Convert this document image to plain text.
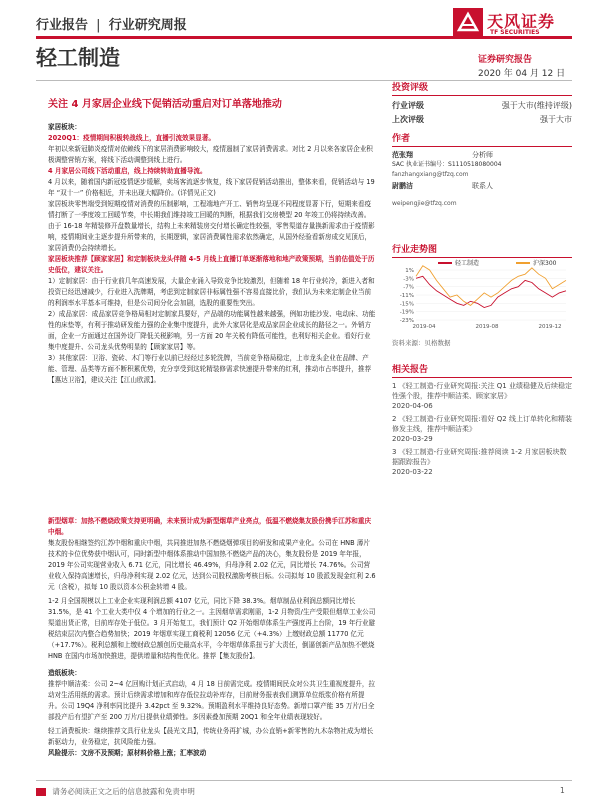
行业报告 | 行业研究周报	天风证券
TF SECURITIES
轻工制造	证券研究报告
2020 年 04 月 12 日
关注 4 月家居企业线下促销活动重启对订单落地推动
投资评级
行业评级	强于大市(维持评级)
上次评级	强于大市
作者
范张翔	分析师
SAC 执业证书编号：S1110518080004
fanzhangxiang@tfzq.com
尉鹏洁	联系人
weipengjie@tfzq.com
行业走势图
1%
-3%
-7%
-11%
-15%
-19%
-23%
2019-04	2019-08	2019-12
轻工制造	沪深300
资料来源：贝格数据
相关报告
1 《轻工制造-行业研究周报:关注 Q1 业绩稳健及后续稳定性强个股，推荐中顺洁柔、顾家家居》
2020-04-06
2 《轻工制造-行业研究周报:看好 Q2 线上订单转化和精装修发主线，推荐中顺洁柔》
2020-03-29
3 《轻工制造-行业研究周报:推荐阅读 1-2 月家居板块数据跟踪报告》
2020-03-22

家居板块：

2020Q1：疫情期间积极转战线上，直播引流效果显著。

年初以来新冠肺炎疫情对依赖线下的家居消费影响较大，疫情遏制了家居消费需求。对比 2 月以来各家居企业积极调整营销方案，将线下活动调整到线上进行。

4 月家居公司线下活动重启，线上持续转助直播导流。

4 月以来，随着国内新冠疫情逐步缓解，卖场客流逐步恢复，线下家居促销活动推出，整体来看，促销活动与 19 年 “双十一” 价格相近，并未出现大幅降价。(详情见正文)

家居板块零售端受到短期疫情对消费的压制影响，工程端地产开工、销售均呈现不同程度显著下行，短期来看疫情打断了一季度竣工回暖节奏，中长期我们维持竣工回暖的判断，根据我们交房模型 20 年竣工仍将持续改善。由于 16-18 年精装修开盘数量增长，结构上未来精装房交付增长确定性较强，零售渠道存量换新需求由于疫情影响，疫情期间业主逐步提升所带来的，长期逻辑，家居消费属性需求依然确定，从国外经验看新房成交见顶后，家居消费仍会持续增长。

家居板块推荐【顾家家居】和定制板块龙头伴随 4-5 月线上直播订单逐渐落地和地产政策预期，当前估值处于历史低位，建议关注。

1）定制家居：由于行业前几年高速发展，大量企业涌入导致竞争比较激烈，但随着 18 年行业转冷，新进入者和投资已经迅速减少，行业进入洗牌期，考虑到定制家居非标属性强不容易直接比价，我们认为未来定制企业当前的利润率水平基本可维持，但是公司间分化会加剧，选股的重要性突出。

2）成品家居：成品家居竞争格局相对定制家具要好，产品端的功能属性越来越强，例如功能沙发、电动床、功能性的床垫等，有利于推动研发能力强的企业集中度提升，此外大家居化是成品家居企业成长的路径之一。外销方面，企业一方面通过在国外设厂降低关税影响，另一方面 20 年关税有降低可能性，也利好相关企业。看好行业集中度提升、公司龙头优势明显的【顾家家居】等。

3）其他家居：卫浴、瓷砖、木门等行业以前已经经过多轮洗牌，当前竞争格局稳定，上市龙头企业在品牌、产能、管理、品类等方面不断积累优势，充分享受到这轮精装修需求快速提升带来的红利，推动市占率提升，推荐【惠达卫浴】，建议关注【江山欧派】。

新型烟草：加热不燃烧政策支持更明确，未来预计成为新型烟草产业亮点，低温不燃烧集友股份携手江苏和重庆中烟。

集友股份相继签约江苏中烟和重庆中烟，共同推进加热不燃烧烟弹项目的研发和成果产业化。公司在 HNB 薄片技术的卡位优势获中烟认可，同时新型中烟体系推动中国加热不燃烧产品的决心，集友股份是 2019 年年报，2019 年公司实现营业收入 6.71 亿元，同比增长 46.49%，归母净利 2.02 亿元，同比增长 74.76%。公司营业收入保持高速增长，归母净利实现 2.02 亿元，达到公司股权激励考核目标。公司拟每 10 股派发现金红利 2.6 元（含税），拟每 10 股以资本公积金转增 4 股。

1-2 月全国规模以上工业企业实现利润总额 4107 亿元，同比下降 38.3%。烟草制品业利润总额同比增长 31.5%，是 41 个工业大类中仅 4 个增加的行业之一。主因烟草需求刚需，1-2 月物资/生产受限但烟草工业公司渠道出货正常，目前库存处于低位。3 月开始复工，我们预计 Q2 开始烟草体系生产强度再上台阶，19 年行业避税结束层次内整合趋势加快；2019 年烟草实现工商税利 12056 亿元（+4.3%）上缴财政总额 11770 亿元（+17.7%）。税利总额和上缴财政总额创历史最高水平，今年烟草体系扭亏扩大责任，倒逼创新产品加热不燃烧 HNB 在国内市场加快推进，提供增量和结构性优化。推荐【集友股份】。

造纸板块：

推荐中顺洁柔：公司 2~4 亿回购计划正式启动，4 月 18 日前需完成。疫情期间民众对公共卫生重视度提升，拉动对生活用纸的需求。预计后续需求增加和库存低位拉动补库存，目前财务报表我们测算单位纸浆价格有所提升。公司 19Q4 净利率同比提升 3.42pct 至 9.32%。预期盈利水平维持良好态势。新增口罩产能 35 万片/日全部投产后有望扩产至 200 万片/日提供业绩弹性。多因素叠加预期 20Q1 和全年业绩表现较好。

轻工消费板块：继续推荐文具行业龙头【晨光文具】，传统业务再扩城，办公直销+新零售的九木杂物社成为增长新驱动力，业务稳定，抗风险能力强。

风险提示：文房不及预期；原材料价格上涨；汇率波动

请务必阅读正文之后的信息披露和免责申明	1
